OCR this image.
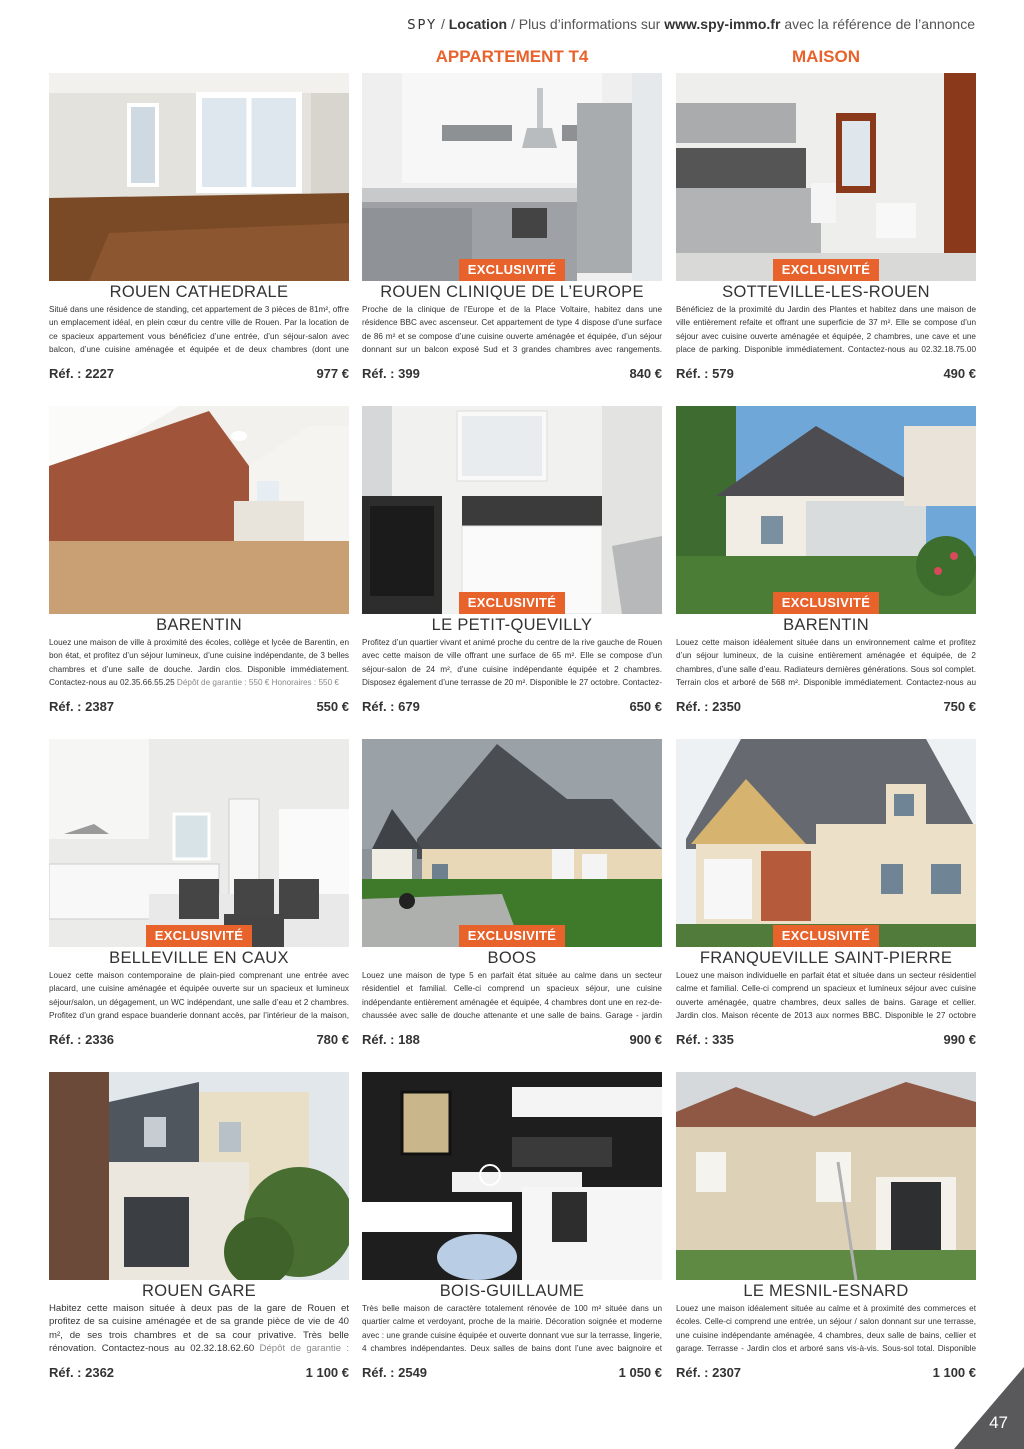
SPY / Location / Plus d’informations sur www.spy-immo.fr avec la référence de l’annonce
ROUEN CATHEDRALE
Situé dans une résidence de standing, cet appartement de 3 pièces de 81m², offre un emplacement idéal, en plein cœur du centre ville de Rouen. Par la location de ce spacieux appartement vous bénéficiez d’une entrée, d’un séjour-salon avec balcon, d’une cuisine aménagée et équipée et de deux chambres (dont une
Réf. : 2227	977 €
APPARTEMENT T4
EXCLUSIVITÉ
ROUEN CLINIQUE DE L’EUROPE
Proche de la clinique de l’Europe et de la Place Voltaire, habitez dans une résidence BBC avec ascenseur. Cet appartement de type 4 dispose d’une surface de 86 m² et se compose d’une cuisine ouverte aménagée et équipée, d’un séjour donnant sur un balcon exposé Sud et 3 grandes chambres avec rangements.
Réf. : 399	840 €
MAISON
EXCLUSIVITÉ
SOTTEVILLE-LES-ROUEN
Bénéficiez de la proximité du Jardin des Plantes et habitez dans une maison de ville entièrement refaite et offrant une superficie de 37 m². Elle se compose d’un séjour avec cuisine ouverte aménagée et équipée, 2 chambres, une cave et une place de parking. Disponible immédiatement. Contactez-nous au 02.32.18.75.00
Réf. : 579	490 €
BARENTIN
Louez une maison de ville à proximité des écoles, collège et lycée de Barentin, en bon état, et profitez d’un séjour lumineux, d’une cuisine indépendante, de 3 belles chambres et d’une salle de douche. Jardin clos. Disponible immédiatement. Contactez-nous au 02.35.66.55.25 Dépôt de garantie : 550 € Honoraires : 550 €
Réf. : 2387	550 €
EXCLUSIVITÉ
LE PETIT-QUEVILLY
Profitez d’un quartier vivant et animé proche du centre de la rive gauche de Rouen avec cette maison de ville offrant une surface de 65 m². Elle se compose d’un séjour-salon de 24 m², d’une cuisine indépendante équipée et 2 chambres. Disposez également d’une terrasse de 20 m². Disponible le 27 octobre. Contactez-
Réf. : 679	650 €
EXCLUSIVITÉ
BARENTIN
Louez cette maison idéalement située dans un environnement calme et profitez d’un séjour lumineux, de la cuisine entièrement aménagée et équipée, de 2 chambres, d’une salle d’eau. Radiateurs dernières générations. Sous sol complet. Terrain clos et arboré de 568 m². Disponible immédiatement. Contactez-nous au
Réf. : 2350	750 €
EXCLUSIVITÉ
BELLEVILLE EN CAUX
Louez cette maison contemporaine de plain-pied comprenant une entrée avec placard, une cuisine aménagée et équipée ouverte sur un spacieux et lumineux séjour/salon, un dégagement, un WC indépendant, une salle d’eau et 2 chambres. Profitez d’un grand espace buanderie donnant accès, par l’intérieur de la maison,
Réf. : 2336	780 €
EXCLUSIVITÉ
BOOS
Louez une maison de type 5 en parfait état située au calme dans un secteur résidentiel et familial. Celle-ci comprend un spacieux séjour, une cuisine indépendante entièrement aménagée et équipée, 4 chambres dont une en rez-de-chaussée avec salle de douche attenante et une salle de bains. Garage - jardin
Réf. : 188	900 €
EXCLUSIVITÉ
FRANQUEVILLE SAINT-PIERRE
Louez une maison individuelle en parfait état et située dans un secteur résidentiel calme et familial. Celle-ci comprend un spacieux et lumineux séjour avec cuisine ouverte aménagée, quatre chambres, deux salles de bains. Garage et cellier. Jardin clos. Maison récente de 2013 aux normes BBC. Disponible le 27 octobre
Réf. : 335	990 €
ROUEN GARE
Habitez cette maison située à deux pas de la gare de Rouen et profitez de sa cuisine aménagée et de sa grande pièce de vie de 40 m², de ses trois chambres et de sa cour privative. Très belle rénovation. Contactez-nous au 02.32.18.62.60 Dépôt de garantie :
Réf. : 2362	1 100 €
BOIS-GUILLAUME
Très belle maison de caractère totalement rénovée de 100 m² située dans un quartier calme et verdoyant, proche de la mairie. Décoration soignée et moderne avec : une grande cuisine équipée et ouverte donnant vue sur la terrasse, lingerie, 4 chambres indépendantes. Deux salles de bains dont l’une avec baignoire et
Réf. : 2549	1 050 €
LE MESNIL-ESNARD
Louez une maison idéalement située au calme et à proximité des commerces et écoles. Celle-ci comprend une entrée, un séjour / salon donnant sur une terrasse, une cuisine indépendante aménagée, 4 chambres, deux salle de bains, cellier et garage. Terrasse - Jardin clos et arboré sans vis-à-vis. Sous-sol total. Disponible
Réf. : 2307	1 100 €
47
